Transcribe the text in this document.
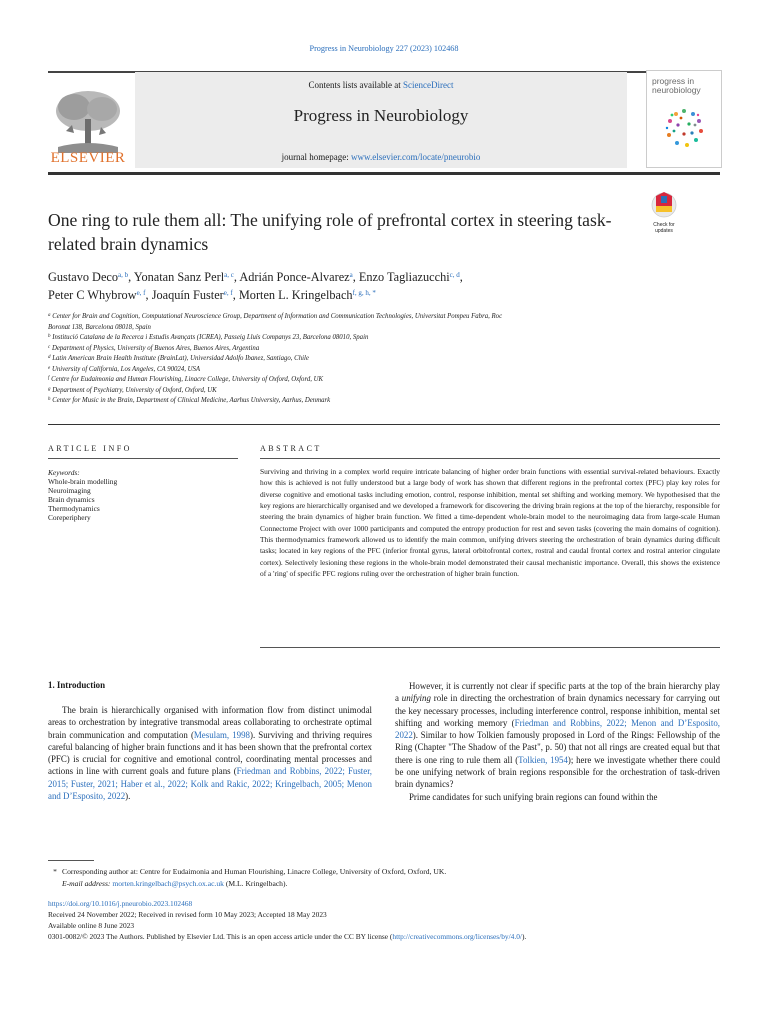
Progress in Neurobiology 227 (2023) 102468
Contents lists available at ScienceDirect
Progress in Neurobiology
journal homepage: www.elsevier.com/locate/pneurobio
ELSEVIER
progress in
neurobiology
One ring to rule them all: The unifying role of prefrontal cortex in steering task-related brain dynamics
Check for
updates
Gustavo Deco$^{a, b}$, Yonatan Sanz Perl$^{a, c}$, Adrián Ponce-Alvarez$^a$, Enzo Tagliazucchi$^{c, d}$,
Peter C Whybrow$^{e, f}$, Joaquín Fuster$^{e, f}$, Morten L. Kringelbach$^{f, g, h, *}$
$^a$ Center for Brain and Cognition, Computational Neuroscience Group, Department of Information and Communication Technologies, Universitat Pompeu Fabra, Roc
Boronat 138, Barcelona 08018, Spain
$^b$ Institució Catalana de la Recerca i Estudis Avançats (ICREA), Passeig Lluís Companys 23, Barcelona 08010, Spain
$^c$ Department of Physics, University of Buenos Aires, Buenos Aires, Argentina
$^d$ Latin American Brain Health Institute (BrainLat), Universidad Adolfo Ibanez, Santiago, Chile
$^e$ University of California, Los Angeles, CA 90024, USA
$^f$ Centre for Eudaimonia and Human Flourishing, Linacre College, University of Oxford, Oxford, UK
$^g$ Department of Psychiatry, University of Oxford, Oxford, UK
$^h$ Center for Music in the Brain, Department of Clinical Medicine, Aarhus University, Aarhus, Denmark
ARTICLE INFO	ABSTRACT
Keywords:
Whole-brain modelling
Neuroimaging
Brain dynamics
Thermodynamics
Coreperiphery
Surviving and thriving in a complex world require intricate balancing of higher order brain functions with essential survival-related behaviours. Exactly how this is achieved is not fully understood but a large body of work has shown that different regions in the prefrontal cortex (PFC) play key roles for diverse cognitive and emotional tasks including emotion, control, response inhibition, mental set shifting and working memory. We hypothesised that the key regions are hierarchically organised and we developed a framework for discovering the driving brain regions at the top of the hierarchy, responsible for steering the brain dynamics of higher brain function. We fitted a time-dependent whole-brain model to the neuroimaging data from large-scale Human Connectome Project with over 1000 participants and computed the entropy production for rest and seven tasks (covering the main domains of cognition). This thermodynamics framework allowed us to identify the main common, unifying drivers steering the orchestration of brain dynamics during difficult tasks; located in key regions of the PFC (inferior frontal gyrus, lateral orbitofrontal cortex, rostral and caudal frontal cortex and rostral anterior cingulate cortex). Selectively lesioning these regions in the whole-brain model demonstrated their causal mechanistic importance. Overall, this shows the existence of a 'ring' of specific PFC regions ruling over the orchestration of higher brain function.
1. Introduction
The brain is hierarchically organised with information flow from distinct unimodal areas to orchestration by integrative transmodal areas collaborating to orchestrate optimal brain communication and computation (Mesulam, 1998). Surviving and thriving requires careful balancing of higher brain functions and it has been shown that the prefrontal cortex (PFC) is crucial for cognitive and emotional control, coordinating mental processes and actions in line with current goals and future plans (Friedman and Robbins, 2022; Fuster, 2015; Fuster, 2021; Haber et al., 2022; Kolk and Rakic, 2022; Kringelbach, 2005; Menon and D’Esposito, 2022).
However, it is currently not clear if specific parts at the top of the brain hierarchy play a unifying role in directing the orchestration of brain dynamics necessary for carrying out the key necessary processes, including interference control, response inhibition, mental set shifting and working memory (Friedman and Robbins, 2022; Menon and D’Esposito, 2022). Similar to how Tolkien famously proposed in Lord of the Rings: Fellowship of the Ring (Chapter "The Shadow of the Past", p. 50) that not all rings are created equal but that there is one ring to rule them all (Tolkien, 1954); here we investigate whether there could be one unifying network of brain regions responsible for the orchestration of task-driven brain dynamics?
Prime candidates for such unifying brain regions can found within the
* Corresponding author at: Centre for Eudaimonia and Human Flourishing, Linacre College, University of Oxford, Oxford, UK.
E-mail address: morten.kringelbach@psych.ox.ac.uk (M.L. Kringelbach).
https://doi.org/10.1016/j.pneurobio.2023.102468
Received 24 November 2022; Received in revised form 10 May 2023; Accepted 18 May 2023
Available online 8 June 2023
0301-0082/© 2023 The Authors. Published by Elsevier Ltd. This is an open access article under the CC BY license (http://creativecommons.org/licenses/by/4.0/).
